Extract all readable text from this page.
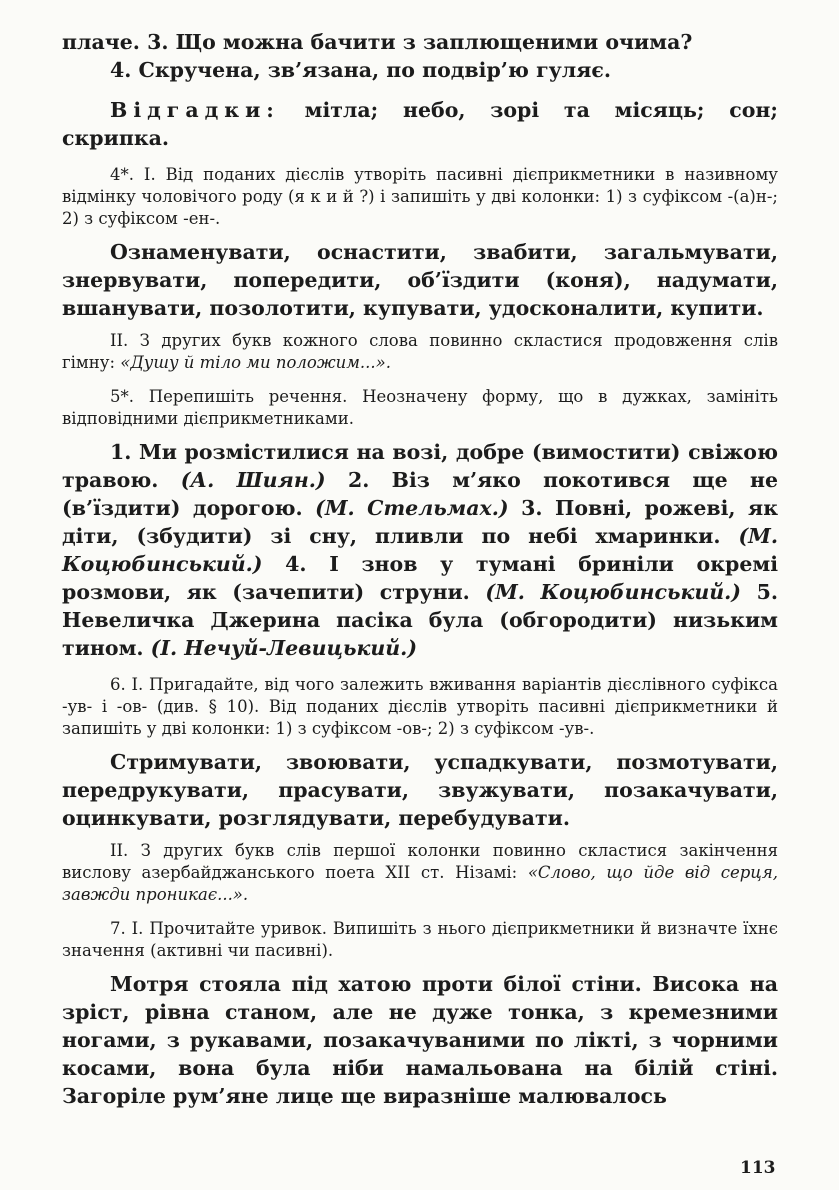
плаче. 3. Що можна бачити з заплющеними очима?

4. Скручена, зв’язана, по подвір’ю гуляє.

Відгадки: мітла; небо, зорі та місяць; сон; скрипка.

4*. І. Від поданих дієслів утворіть пасивні дієприкметники в називному відмінку чоловічого роду (я к и й ?) і запишіть у дві колонки: 1) з суфіксом -(а)н-; 2) з суфіксом -ен-.

Ознаменувати, оснастити, звабити, загальмувати, знервувати, попередити, об’їздити (коня), надумати, вшанувати, позолотити, купувати, удосконалити, купити.

ІІ. З других букв кожного слова повинно скластися продовження слів гімну: «Душу й тіло ми положим...».

5*. Перепишіть речення. Неозначену форму, що в дужках, замініть відповідними дієприкметниками.

1. Ми розмістилися на возі, добре (вимостити) свіжою травою. (А. Шиян.) 2. Віз м’яко покотився ще не (в’їздити) дорогою. (М. Стельмах.) 3. Повні, рожеві, як діти, (збудити) зі сну, пливли по небі хмаринки. (М. Коцюбинський.) 4. І знов у тумані бриніли окремі розмови, як (зачепити) струни. (М. Коцюбинський.) 5. Невеличка Джерина пасіка була (обгородити) низьким тином. (І. Нечуй-Левицький.)

6. І. Пригадайте, від чого залежить вживання варіантів дієслівного суфікса -ув- і -ов- (див. § 10). Від поданих дієслів утворіть пасивні дієприкметники й запишіть у дві колонки: 1) з суфіксом -ов-; 2) з суфіксом -ув-.

Стримувати, звоювати, успадкувати, позмотувати, передрукувати, прасувати, звужувати, позакачувати, оцинкувати, розглядувати, перебудувати.

ІІ. З других букв слів першої колонки повинно скластися закінчення вислову азербайджанського поета ХІІ ст. Нізамі: «Слово, що йде від серця, завжди проникає...».

7. І. Прочитайте уривок. Випишіть з нього дієприкметники й визначте їхнє значення (активні чи пасивні).

Мотря стояла під хатою проти білої стіни. Висока на зріст, рівна станом, але не дуже тонка, з кремезними ногами, з рукавами, позакачуваними по лікті, з чорними косами, вона була ніби намальована на білій стіні. Загоріле рум’яне лице ще виразніше малювалось

113
